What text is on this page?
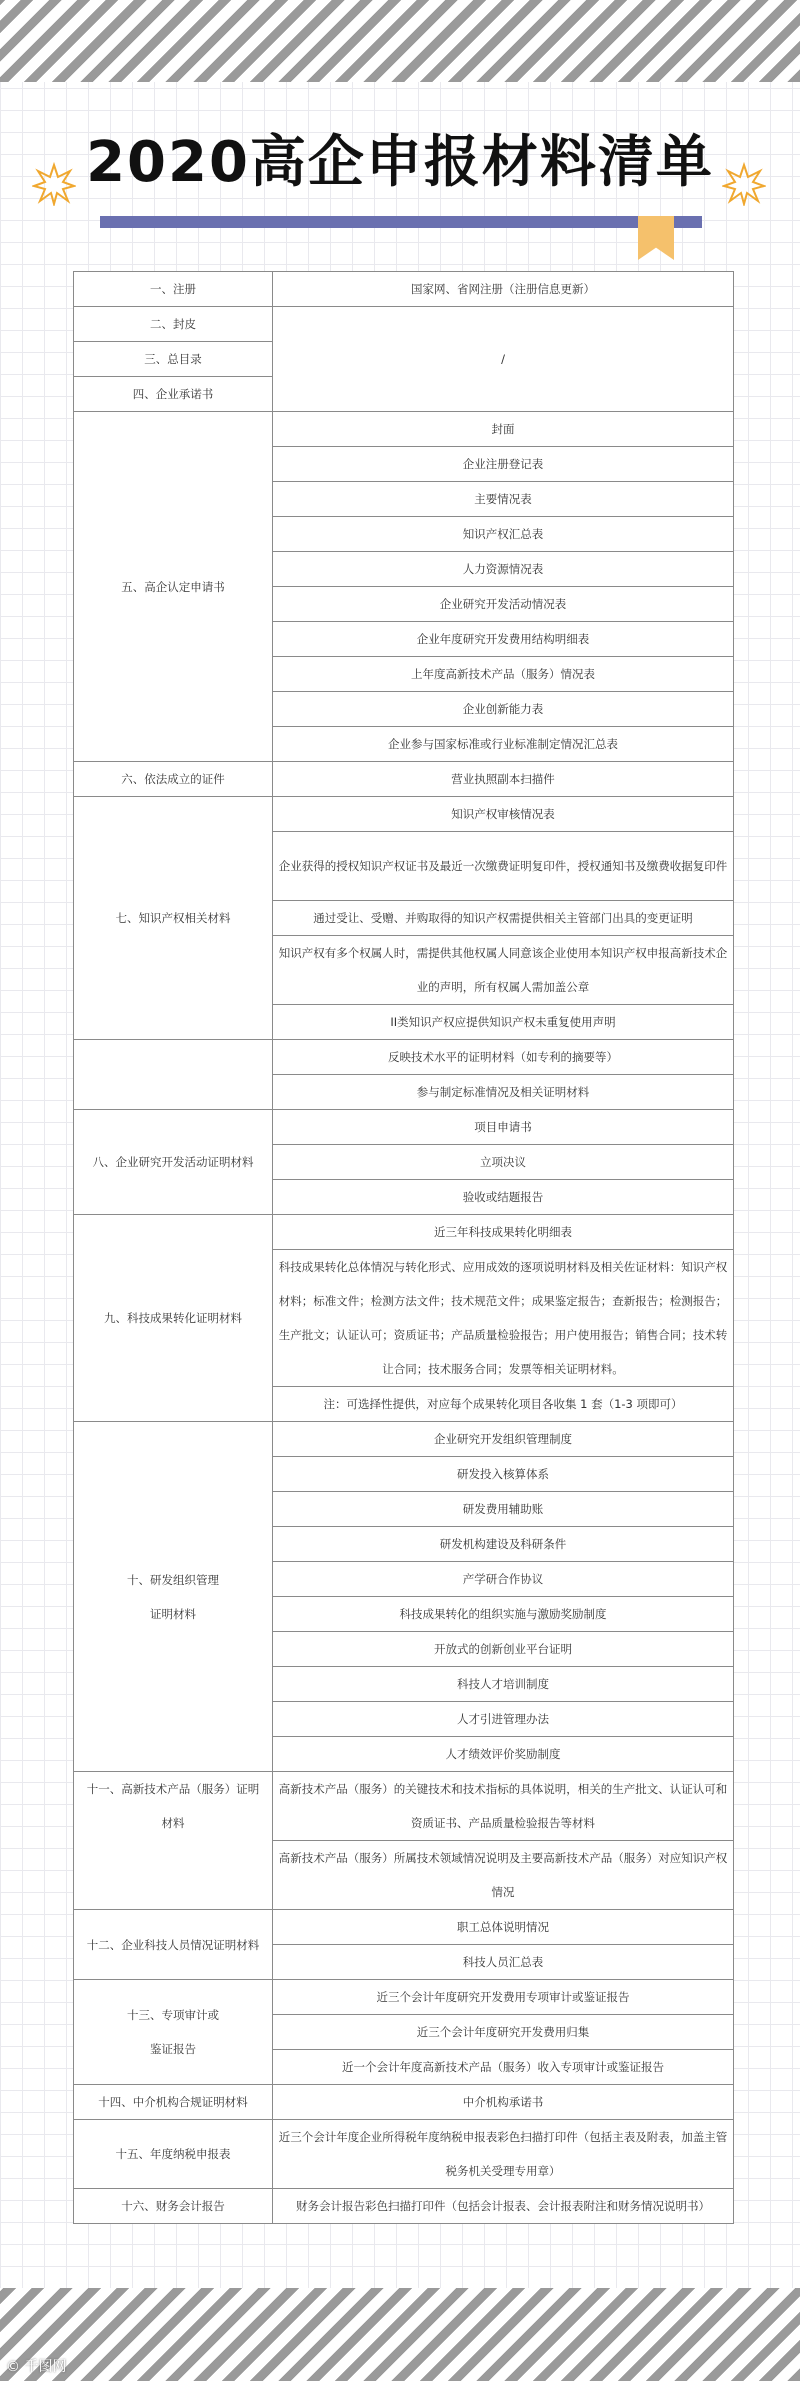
2020高企申报材料清单
一、注册	国家网、省网注册（注册信息更新）
二、封皮	/
三、总目录	
四、企业承诺书	
五、高企认定申请书	封面
	企业注册登记表
	主要情况表
	知识产权汇总表
	人力资源情况表
	企业研究开发活动情况表
	企业年度研究开发费用结构明细表
	上年度高新技术产品（服务）情况表
	企业创新能力表
	企业参与国家标准或行业标准制定情况汇总表
六、依法成立的证件	营业执照副本扫描件
七、知识产权相关材料	知识产权审核情况表
	企业获得的授权知识产权证书及最近一次缴费证明复印件，授权通知书及缴费收据复印件
	通过受让、受赠、并购取得的知识产权需提供相关主管部门出具的变更证明
	知识产权有多个权属人时，需提供其他权属人同意该企业使用本知识产权申报高新技术企业的声明，所有权属人需加盖公章
	II类知识产权应提供知识产权未重复使用声明
	反映技术水平的证明材料（如专利的摘要等）
	参与制定标准情况及相关证明材料
八、企业研究开发活动证明材料	项目申请书
	立项决议
	验收或结题报告
九、科技成果转化证明材料	近三年科技成果转化明细表
	科技成果转化总体情况与转化形式、应用成效的逐项说明材料及相关佐证材料：知识产权材料；标准文件；检测方法文件；技术规范文件；成果鉴定报告；查新报告；检测报告；生产批文；认证认可；资质证书；产品质量检验报告；用户使用报告；销售合同；技术转让合同；技术服务合同；发票等相关证明材料。
	注：可选择性提供，对应每个成果转化项目各收集 1 套（1-3 项即可）
十、研发组织管理
证明材料	企业研究开发组织管理制度
	研发投入核算体系
	研发费用辅助账
	研发机构建设及科研条件
	产学研合作协议
	科技成果转化的组织实施与激励奖励制度
	开放式的创新创业平台证明
	科技人才培训制度
	人才引进管理办法
	人才绩效评价奖励制度
十一、高新技术产品（服务）证明
材料	高新技术产品（服务）的关键技术和技术指标的具体说明，相关的生产批文、认证认可和资质证书、产品质量检验报告等材料
	高新技术产品（服务）所属技术领域情况说明及主要高新技术产品（服务）对应知识产权情况
十二、企业科技人员情况证明材料	职工总体说明情况
	科技人员汇总表
十三、专项审计或
鉴证报告	近三个会计年度研究开发费用专项审计或鉴证报告
	近三个会计年度研究开发费用归集
	近一个会计年度高新技术产品（服务）收入专项审计或鉴证报告
十四、中介机构合规证明材料	中介机构承诺书
十五、年度纳税申报表	近三个会计年度企业所得税年度纳税申报表彩色扫描打印件（包括主表及附表，加盖主管税务机关受理专用章）
十六、财务会计报告	财务会计报告彩色扫描打印件（包括会计报表、会计报表附注和财务情况说明书）
© 千图网
